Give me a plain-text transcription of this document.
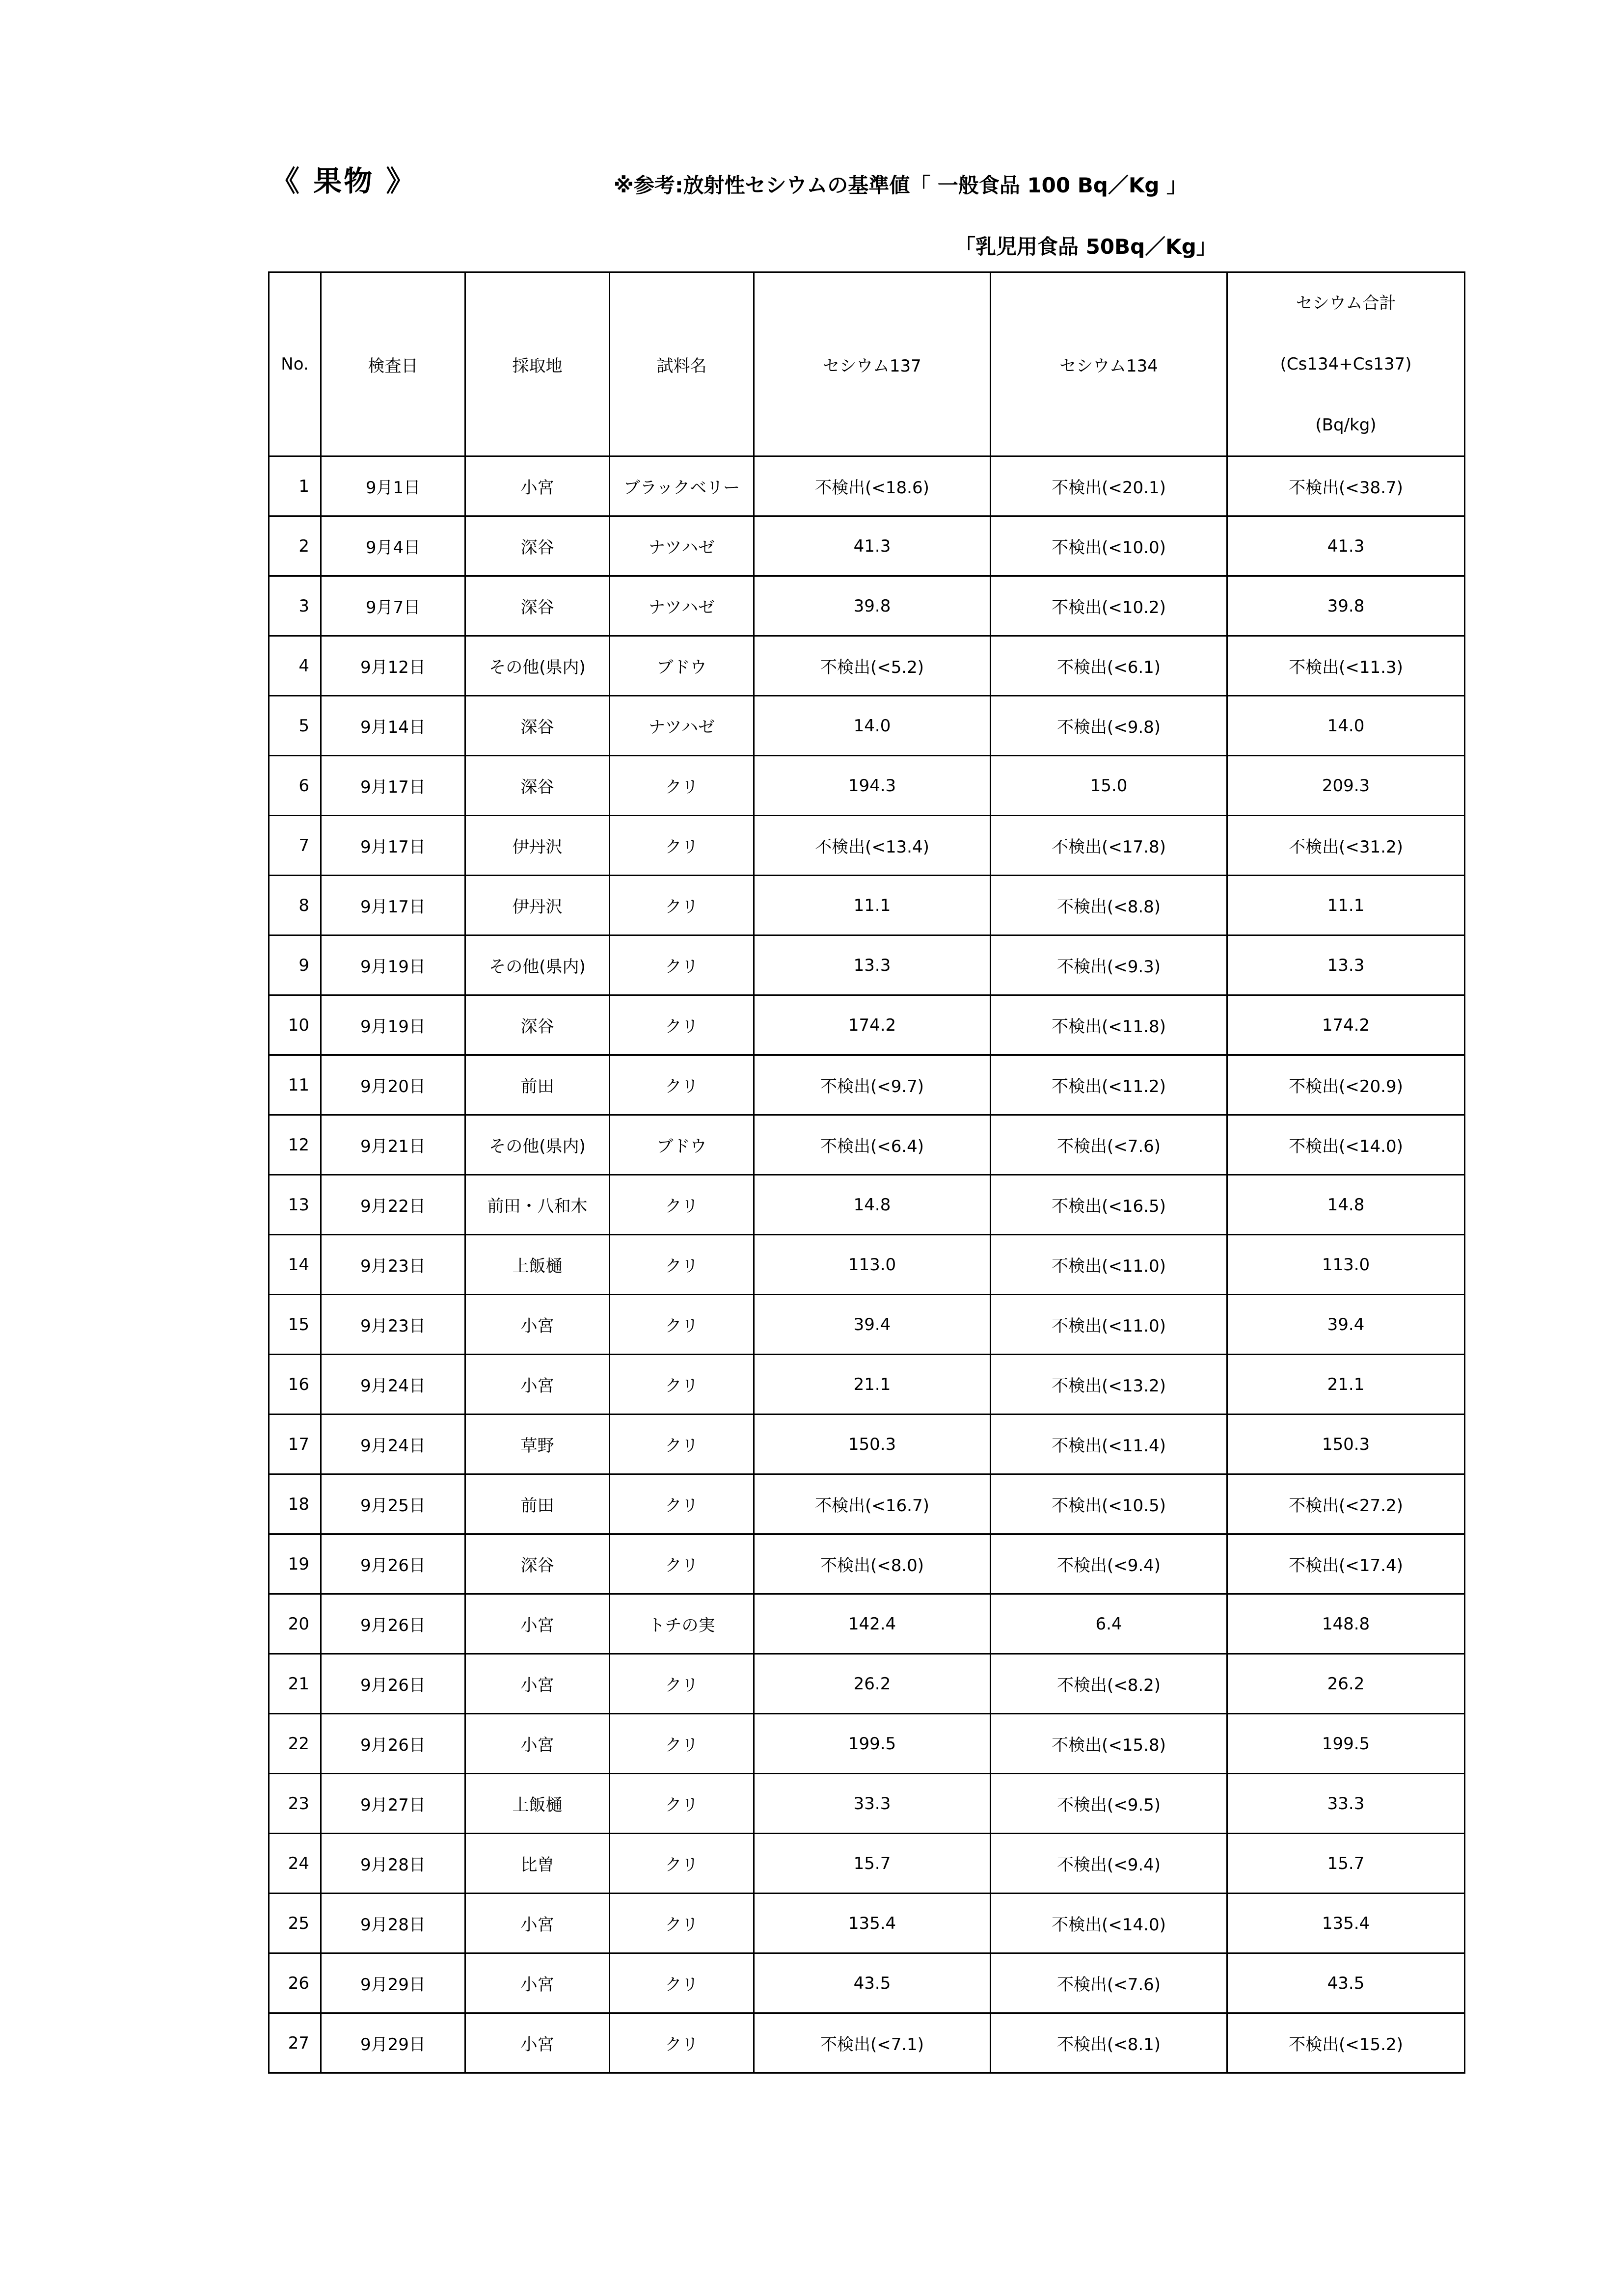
《 果物 》	※参考:放射性セシウムの基準値「 一般食品 100 Bq／Kg 」
「乳児用食品 50Bq／Kg」
No.	検査日	採取地	試料名	セシウム137	セシウム134	セシウム合計
(Cs134+Cs137)
(Bq/kg)

1	9月1日	小宮	ブラックベリー	不検出(<18.6)	不検出(<20.1)	不検出(<38.7)
2	9月4日	深谷	ナツハゼ	41.3	不検出(<10.0)	41.3
3	9月7日	深谷	ナツハゼ	39.8	不検出(<10.2)	39.8
4	9月12日	その他(県内)	ブドウ	不検出(<5.2)	不検出(<6.1)	不検出(<11.3)
5	9月14日	深谷	ナツハゼ	14.0	不検出(<9.8)	14.0
6	9月17日	深谷	クリ	194.3	15.0	209.3
7	9月17日	伊丹沢	クリ	不検出(<13.4)	不検出(<17.8)	不検出(<31.2)
8	9月17日	伊丹沢	クリ	11.1	不検出(<8.8)	11.1
9	9月19日	その他(県内)	クリ	13.3	不検出(<9.3)	13.3
10	9月19日	深谷	クリ	174.2	不検出(<11.8)	174.2
11	9月20日	前田	クリ	不検出(<9.7)	不検出(<11.2)	不検出(<20.9)
12	9月21日	その他(県内)	ブドウ	不検出(<6.4)	不検出(<7.6)	不検出(<14.0)
13	9月22日	前田・八和木	クリ	14.8	不検出(<16.5)	14.8
14	9月23日	上飯樋	クリ	113.0	不検出(<11.0)	113.0
15	9月23日	小宮	クリ	39.4	不検出(<11.0)	39.4
16	9月24日	小宮	クリ	21.1	不検出(<13.2)	21.1
17	9月24日	草野	クリ	150.3	不検出(<11.4)	150.3
18	9月25日	前田	クリ	不検出(<16.7)	不検出(<10.5)	不検出(<27.2)
19	9月26日	深谷	クリ	不検出(<8.0)	不検出(<9.4)	不検出(<17.4)
20	9月26日	小宮	トチの実	142.4	6.4	148.8
21	9月26日	小宮	クリ	26.2	不検出(<8.2)	26.2
22	9月26日	小宮	クリ	199.5	不検出(<15.8)	199.5
23	9月27日	上飯樋	クリ	33.3	不検出(<9.5)	33.3
24	9月28日	比曽	クリ	15.7	不検出(<9.4)	15.7
25	9月28日	小宮	クリ	135.4	不検出(<14.0)	135.4
26	9月29日	小宮	クリ	43.5	不検出(<7.6)	43.5
27	9月29日	小宮	クリ	不検出(<7.1)	不検出(<8.1)	不検出(<15.2)
